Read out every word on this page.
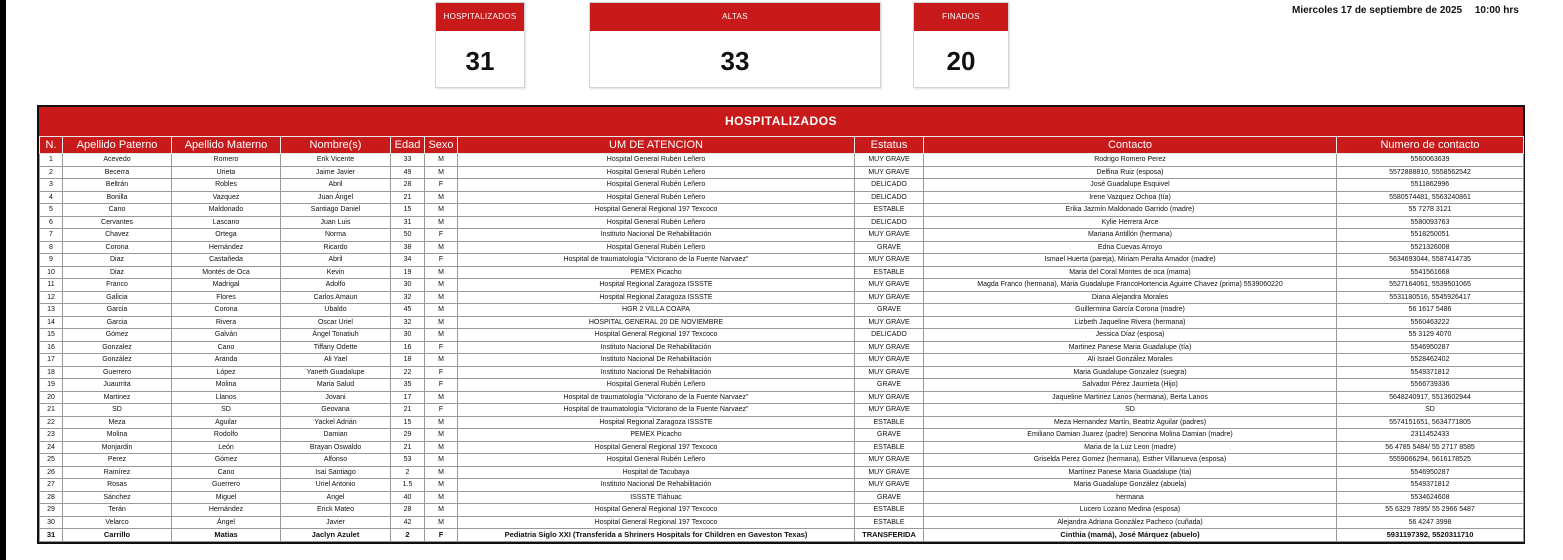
HOSPITALIZADOS
31
ALTAS
33
FINADOS
20
Miercoles 17 de septiembre de 2025 10:00 hrs
HOSPITALIZADOS
N.	Apellido Paterno	Apellido Materno	Nombre(s)	Edad	Sexo	UM DE ATENCION	Estatus	Contacto	Numero de contacto
1	Acevedo	Romero	Erik Vicente	33	M	Hospital General Rubén Leñero	MUY GRAVE	Rodrigo Romero Perez	5560063639
2	Becerra	Urieta	Jaime Javier	49	M	Hospital General Rubén Leñero	MUY GRAVE	Delfina Ruiz (esposa)	5572888810, 5558562542
3	Beltrán	Robles	Abril	28	F	Hospital General Rubén Leñero	DELICADO	José Guadalupe Esquivel	5511862996
4	Bonilla	Vazquez	Juan Ángel	21	M	Hospital General Rubén Leñero	DELICADO	Irene Vazquez Ochoa (tía)	5580574481, 5563240861
5	Cano	Maldonado	Santiago Daniel	15	M	Hospital General Regional 197 Texcoco	ESTABLE	Erika Jazmín Maldonado Garrido (madre)	55 7278 3121
6	Cervantes	Lascano	Juan Luis	31	M	Hospital General Rubén Leñero	DELICADO	Kylie Herrera Arce	5580093763
7	Chavez	Ortega	Norma	50	F	Instituto Nacional De Rehabilitación	MUY GRAVE	Mariana Antillón (hermana)	5518250051
8	Corona	Hernández	Ricardo	38	M	Hospital General Rubén Leñero	GRAVE	Edna Cuevas Arroyo	5521326008
9	Diaz	Castañeda	Abril	34	F	Hospital de traumatología "Victorano de la Fuente Narvaez"	MUY GRAVE	Ismael Huerta (pareja), Miriam Peralta Amador (madre)	5634693044, 5587414735
10	Diaz	Montés de Oca	Kevin	19	M	PEMEX Picacho	ESTABLE	Maria del Coral Montes de oca (mama)	5541561668
11	Franco	Madrigal	Adolfo	30	M	Hospital Regional Zaragoza ISSSTE	MUY GRAVE	Magda Franco (hermana), Maria Guadalupe FrancoHortencia Aguirre Chavez (prima) 5539060220	5527164061, 5539501065
12	Galicia	Flores	Carlos Amaun	32	M	Hospital Regional Zaragoza ISSSTE	MUY GRAVE	Diana Alejandra Morales	5531180516, 5545926417
13	Garcia	Corona	Ubaldo	45	M	HGR 2 VILLA COAPA	GRAVE	Guillermina García Corona (madre)	56 1617 5486
14	Garcia	Rivera	Oscar Uriel	32	M	HOSPITAL GENERAL 20 DE NOVIEMBRE	MUY GRAVE	Lizbeth Jaqueline Rivera (hermana)	5560463222
15	Gómez	Galván	Ángel Tonatiuh	30	M	Hospital General Regional 197 Texcoco	DELICADO	Jessica Díaz (esposa)	55 3129 4070
16	Gonzalez	Cano	Tiffany Odette	16	F	Instituto Nacional De Rehabilitación	MUY GRAVE	Martinez Panese Maria Guadalupe (tía)	5546950287
17	González	Aranda	Ali Yael	18	M	Instituto Nacional De Rehabilitación	MUY GRAVE	Ali Israel González Morales	5528462402
18	Guerrero	López	Yaneth Guadalupe	22	F	Instituto Nacional De Rehabilitación	MUY GRAVE	Maria Guadalupe Gonzalez (suegra)	5549371812
19	Juaurrita	Molina	Maria Salud	35	F	Hospital General Rubén Leñero	GRAVE	Salvador Pérez Jaurrieta (Hijo)	5566739336
20	Martinez	Llanos	Jovani	17	M	Hospital de traumatología "Victorano de la Fuente Narvaez"	MUY GRAVE	Jaqueline Martinez Lanos (hermana), Berta Lanos	5648240917, 5513602944
21	SD	SD	Geovana	21	F	Hospital de traumatología "Victorano de la Fuente Narvaez"	MUY GRAVE	SD	SD
22	Meza	Aguilar	Yackel Adrián	15	M	Hospital Regional Zaragoza ISSSTE	ESTABLE	Meza Hernandez Martín, Beatriz Aguilar (padres)	5574151651, 5634771805
23	Molina	Rodolfo	Damian	29	M	PEMEX Picacho	GRAVE	Emiliano Damian Juarez (padre) Senorina Molina Damian (madre)	2311452433
24	Monjardin	León	Brayan Oswaldo	21	M	Hospital General Regional 197 Texcoco	ESTABLE	Maria de la Luz Leon (madre)	56 4785 5484/ 55 2717 8585
25	Perez	Gómez	Alfonso	53	M	Hospital General Rubén Leñero	MUY GRAVE	Griselda Perez Gomez (hermana), Esther Villanueva (esposa)	5559066294, 5616178525
26	Ramírez	Cano	Isai Santiago	2	M	Hospital de Tacubaya	MUY GRAVE	Martínez Panese Maria Guadalupe (tía)	5546950287
27	Rosas	Guerrero	Uriel Antonio	1.5	M	Instituto Nacional De Rehabilitación	MUY GRAVE	Maria Guadalupe González (abuela)	5549371812
28	Sánchez	Miguel	Angel	40	M	ISSSTE Tláhuac	GRAVE	hermana	5534624608
29	Terán	Hernández	Erick Mateo	28	M	Hospital General Regional 197 Texcoco	ESTABLE	Lucero Lozano Medina (esposa)	55 6329 7895/ 55 2966 5487
30	Velarco	Ángel	Javier	42	M	Hospital General Regional 197 Texcoco	ESTABLE	Alejandra Adriana González Pacheco (cuñada)	56 4247 3998
31	Carrillo	Matias	Jaclyn Azulet	2	F	Pediatria Siglo XXI (Transferida a Shriners Hospitals for Children en Gaveston Texas)	TRANSFERIDA	Cinthia (mamá), José Márquez (abuelo)	5931197392, 5520311710
